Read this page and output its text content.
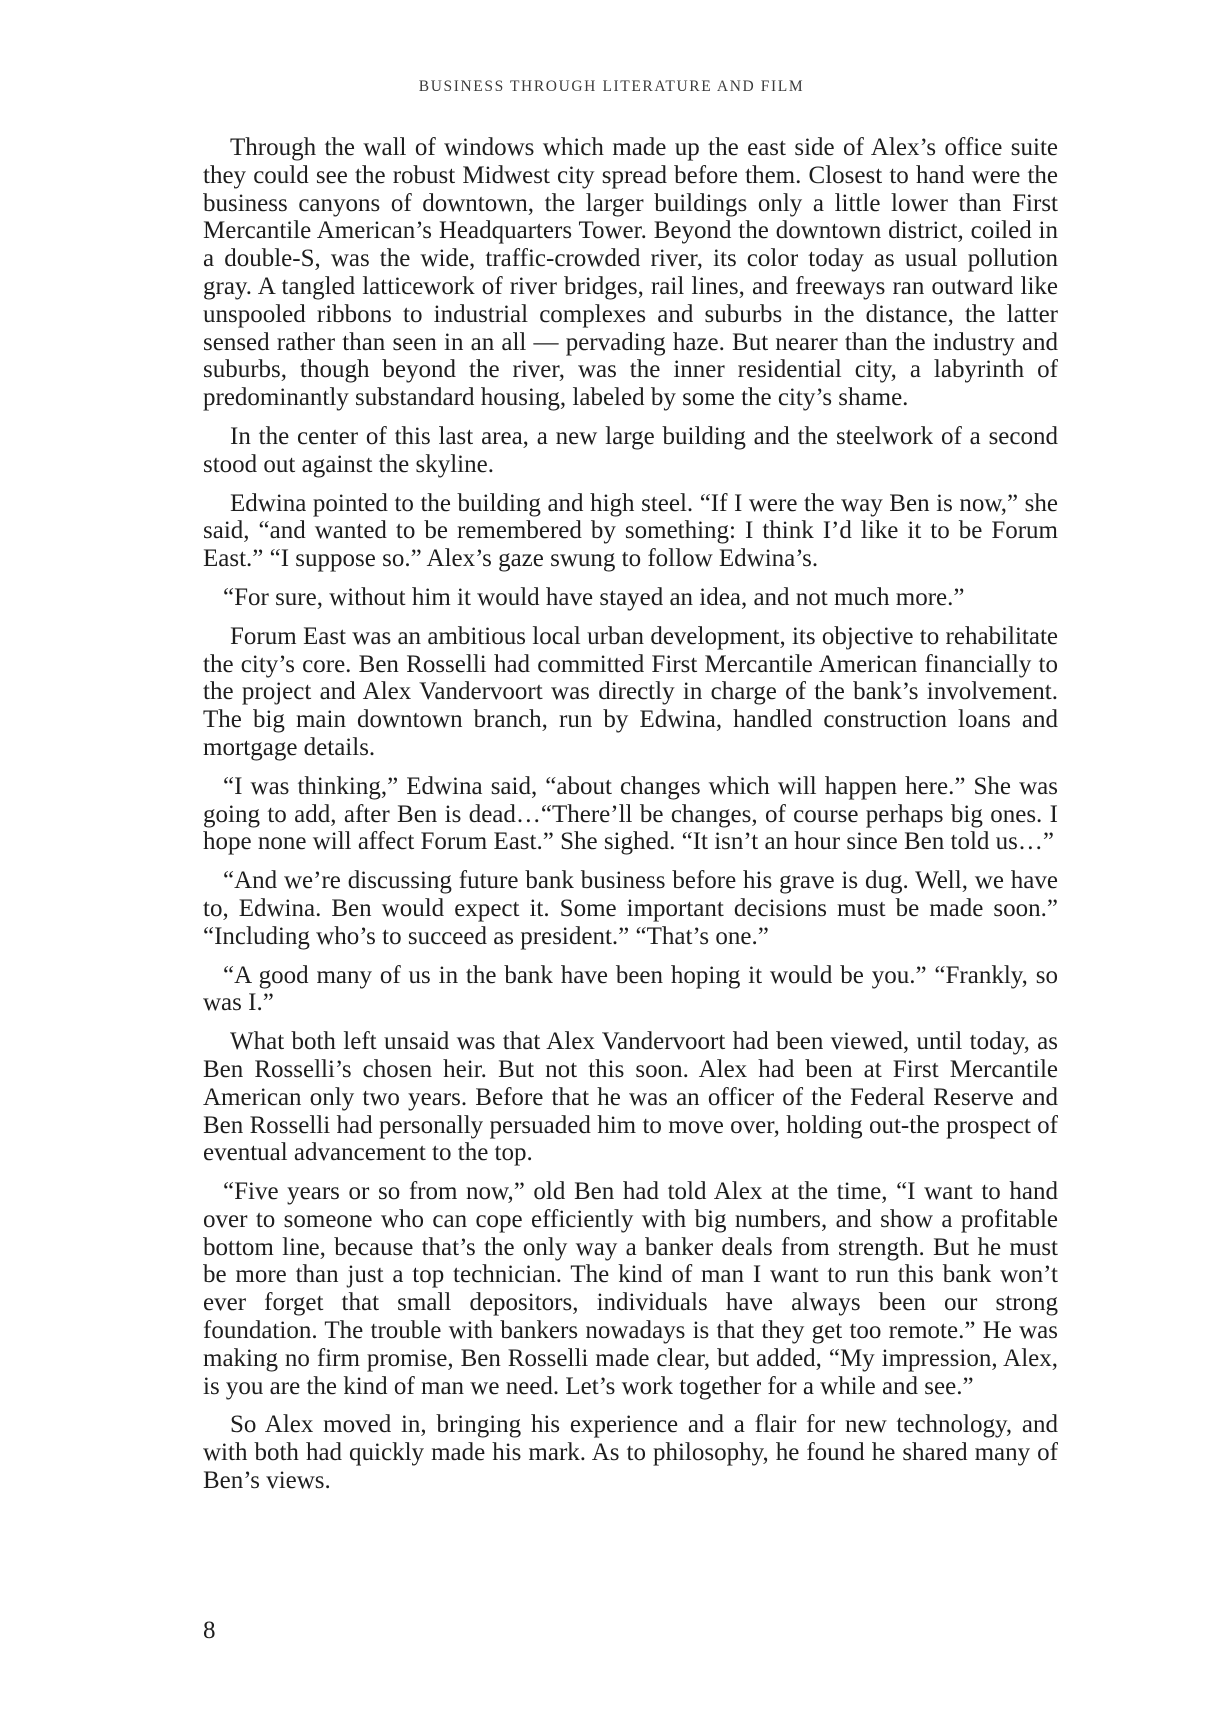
BUSINESS THROUGH LITERATURE AND FILM

Through the wall of windows which made up the east side of Alex’s office suite they could see the robust Midwest city spread before them. Closest to hand were the business canyons of downtown, the larger buildings only a little lower than First Mercantile American’s Headquarters Tower. Beyond the downtown district, coiled in a double-S, was the wide, traffic-crowded river, its color today as usual pollution gray. A tangled latticework of river bridges, rail lines, and freeways ran outward like unspooled ribbons to industrial complexes and suburbs in the distance, the latter sensed rather than seen in an all — pervading haze. But nearer than the industry and suburbs, though beyond the river, was the inner residential city, a labyrinth of predominantly substandard housing, labeled by some the city’s shame.

In the center of this last area, a new large building and the steelwork of a second stood out against the skyline.

Edwina pointed to the building and high steel. “If I were the way Ben is now,” she said, “and wanted to be remembered by something: I think I’d like it to be Forum East.” “I suppose so.” Alex’s gaze swung to follow Edwina’s.

“For sure, without him it would have stayed an idea, and not much more.”

Forum East was an ambitious local urban development, its objective to rehabilitate the city’s core. Ben Rosselli had committed First Mercantile American financially to the project and Alex Vandervoort was directly in charge of the bank’s involvement. The big main downtown branch, run by Edwina, handled construction loans and mortgage details.

“I was thinking,” Edwina said, “about changes which will happen here.” She was going to add, after Ben is dead…“There’ll be changes, of course perhaps big ones. I hope none will affect Forum East.” She sighed. “It isn’t an hour since Ben told us…”

“And we’re discussing future bank business before his grave is dug. Well, we have to, Edwina. Ben would expect it. Some important decisions must be made soon.” “Including who’s to succeed as president.” “That’s one.”

“A good many of us in the bank have been hoping it would be you.” “Frankly, so was I.”

What both left unsaid was that Alex Vandervoort had been viewed, until today, as Ben Rosselli’s chosen heir. But not this soon. Alex had been at First Mercantile American only two years. Before that he was an officer of the Federal Reserve and Ben Rosselli had personally persuaded him to move over, holding out-the prospect of eventual advancement to the top.

“Five years or so from now,” old Ben had told Alex at the time, “I want to hand over to someone who can cope efficiently with big numbers, and show a profitable bottom line, because that’s the only way a banker deals from strength. But he must be more than just a top technician. The kind of man I want to run this bank won’t ever forget that small depositors, individuals have always been our strong foundation. The trouble with bankers nowadays is that they get too remote.” He was making no firm promise, Ben Rosselli made clear, but added, “My impression, Alex, is you are the kind of man we need. Let’s work together for a while and see.”

So Alex moved in, bringing his experience and a flair for new technology, and with both had quickly made his mark. As to philosophy, he found he shared many of Ben’s views.

8
